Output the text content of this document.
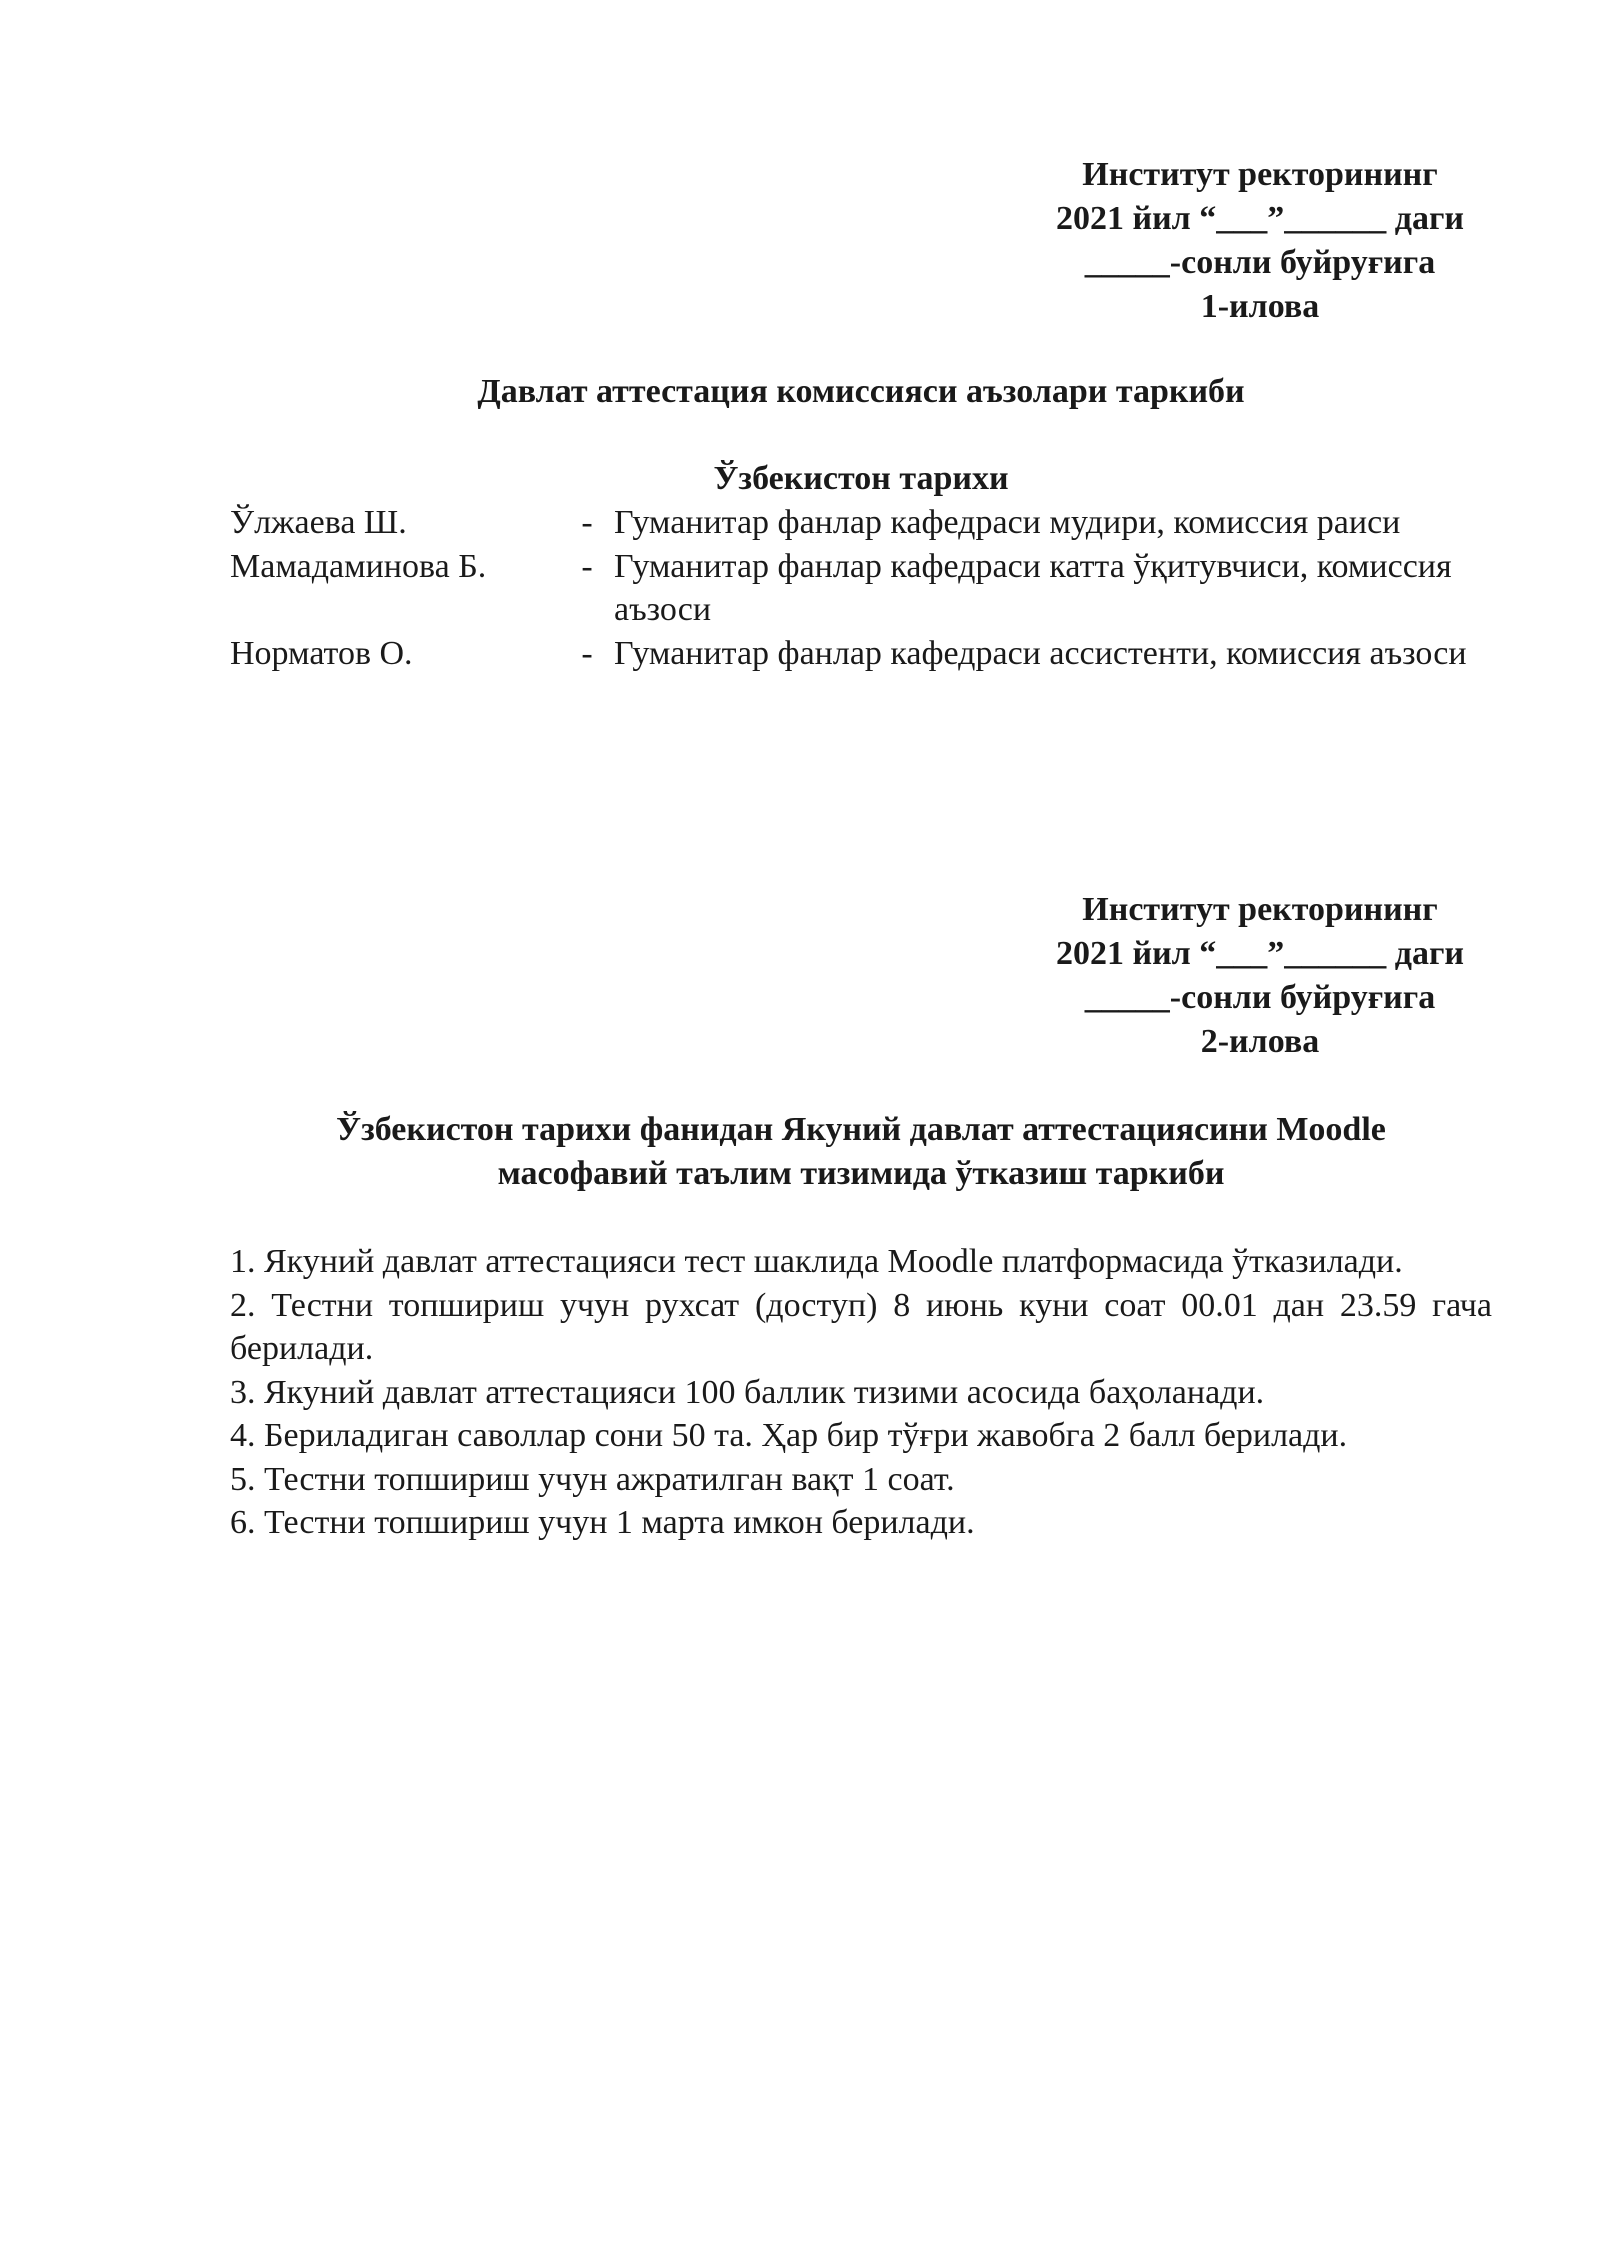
Институт ректорининг
2021 йил “___”______ даги
_____-сонли буйруғига
1-илова
Давлат аттестация комиссияси аъзолари таркиби
Ўзбекистон тарихи
Ўлжаева Ш.	- Гуманитар фанлар кафедраси мудири, комиссия раиси
Мамадаминова Б.	- Гуманитар фанлар кафедраси катта ўқитувчиси, комиссия аъзоси
Норматов О.	- Гуманитар фанлар кафедраси ассистенти, комиссия аъзоси
Институт ректорининг
2021 йил “___”______ даги
_____-сонли буйруғига
2-илова
Ўзбекистон тарихи фанидан Якуний давлат аттестациясини Moodle
масофавий таълим тизимида ўтказиш таркиби
1. Якуний давлат аттестацияси тест шаклида Moodle платформасида ўтказилади.
2. Тестни топшириш учун рухсат (доступ) 8 июнь куни соат 00.01 дан 23.59 гача берилади.
3. Якуний давлат аттестацияси 100 баллик тизими асосида баҳоланади.
4. Бериладиган саволлар сони 50 та. Ҳар бир тўғри жавобга 2 балл берилади.
5. Тестни топшириш учун ажратилган вақт 1 соат.
6. Тестни топшириш учун 1 марта имкон берилади.
